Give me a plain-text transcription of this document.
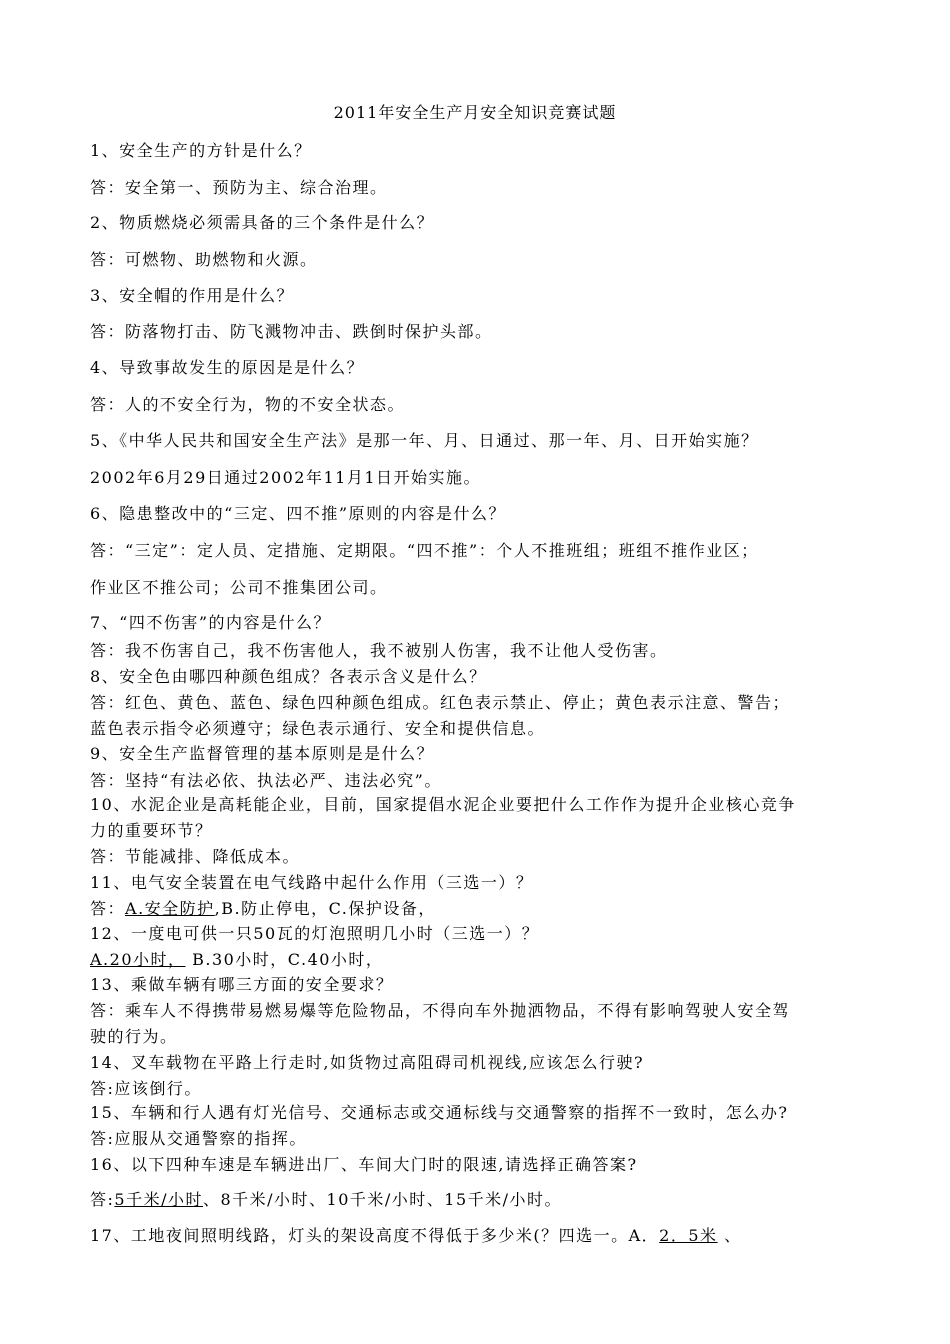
2011年安全生产月安全知识竞赛试题
1、安全生产的方针是什么？
答：安全第一、预防为主、综合治理。
2、物质燃烧必须需具备的三个条件是什么？
答：可燃物、助燃物和火源。
3、安全帽的作用是什么？
答：防落物打击、防飞溅物冲击、跌倒时保护头部。
4、导致事故发生的原因是是什么？
答：人的不安全行为，物的不安全状态。
5、《中华人民共和国安全生产法》是那一年、月、日通过、那一年、月、日开始实施？
2002年6月29日通过2002年11月1日开始实施。
6、隐患整改中的“三定、四不推”原则的内容是什么？
答：“三定”：定人员、定措施、定期限。“四不推”：个人不推班组；班组不推作业区；
作业区不推公司；公司不推集团公司。
7、“四不伤害”的内容是什么？
答：我不伤害自己，我不伤害他人，我不被别人伤害，我不让他人受伤害。
8、安全色由哪四种颜色组成？各表示含义是什么？
答：红色、黄色、蓝色、绿色四种颜色组成。红色表示禁止、停止；黄色表示注意、警告；
蓝色表示指令必须遵守；绿色表示通行、安全和提供信息。
9、安全生产监督管理的基本原则是是什么？
答：坚持“有法必依、执法必严、违法必究”。
10、水泥企业是高耗能企业，目前，国家提倡水泥企业要把什么工作作为提升企业核心竞争
力的重要环节？
答：节能减排、降低成本。
11、电气安全装置在电气线路中起什么作用（三选一）？
答：A.安全防护,B.防止停电，C.保护设备，
12、一度电可供一只50瓦的灯泡照明几小时（三选一）？
A.20小时， B.30小时，C.40小时，
13、乘做车辆有哪三方面的安全要求？
答：乘车人不得携带易燃易爆等危险物品，不得向车外抛洒物品，不得有影响驾驶人安全驾
驶的行为。
14、叉车载物在平路上行走时,如货物过高阻碍司机视线,应该怎么行驶?
答:应该倒行。
15、车辆和行人遇有灯光信号、交通标志或交通标线与交通警察的指挥不一致时，怎么办?
答:应服从交通警察的指挥。
16、以下四种车速是车辆进出厂、车间大门时的限速,请选择正确答案?
答:5千米/小时、8千米/小时、10千米/小时、15千米/小时。
17、工地夜间照明线路，灯头的架设高度不得低于多少米(？四选一。A．2．5米 、
